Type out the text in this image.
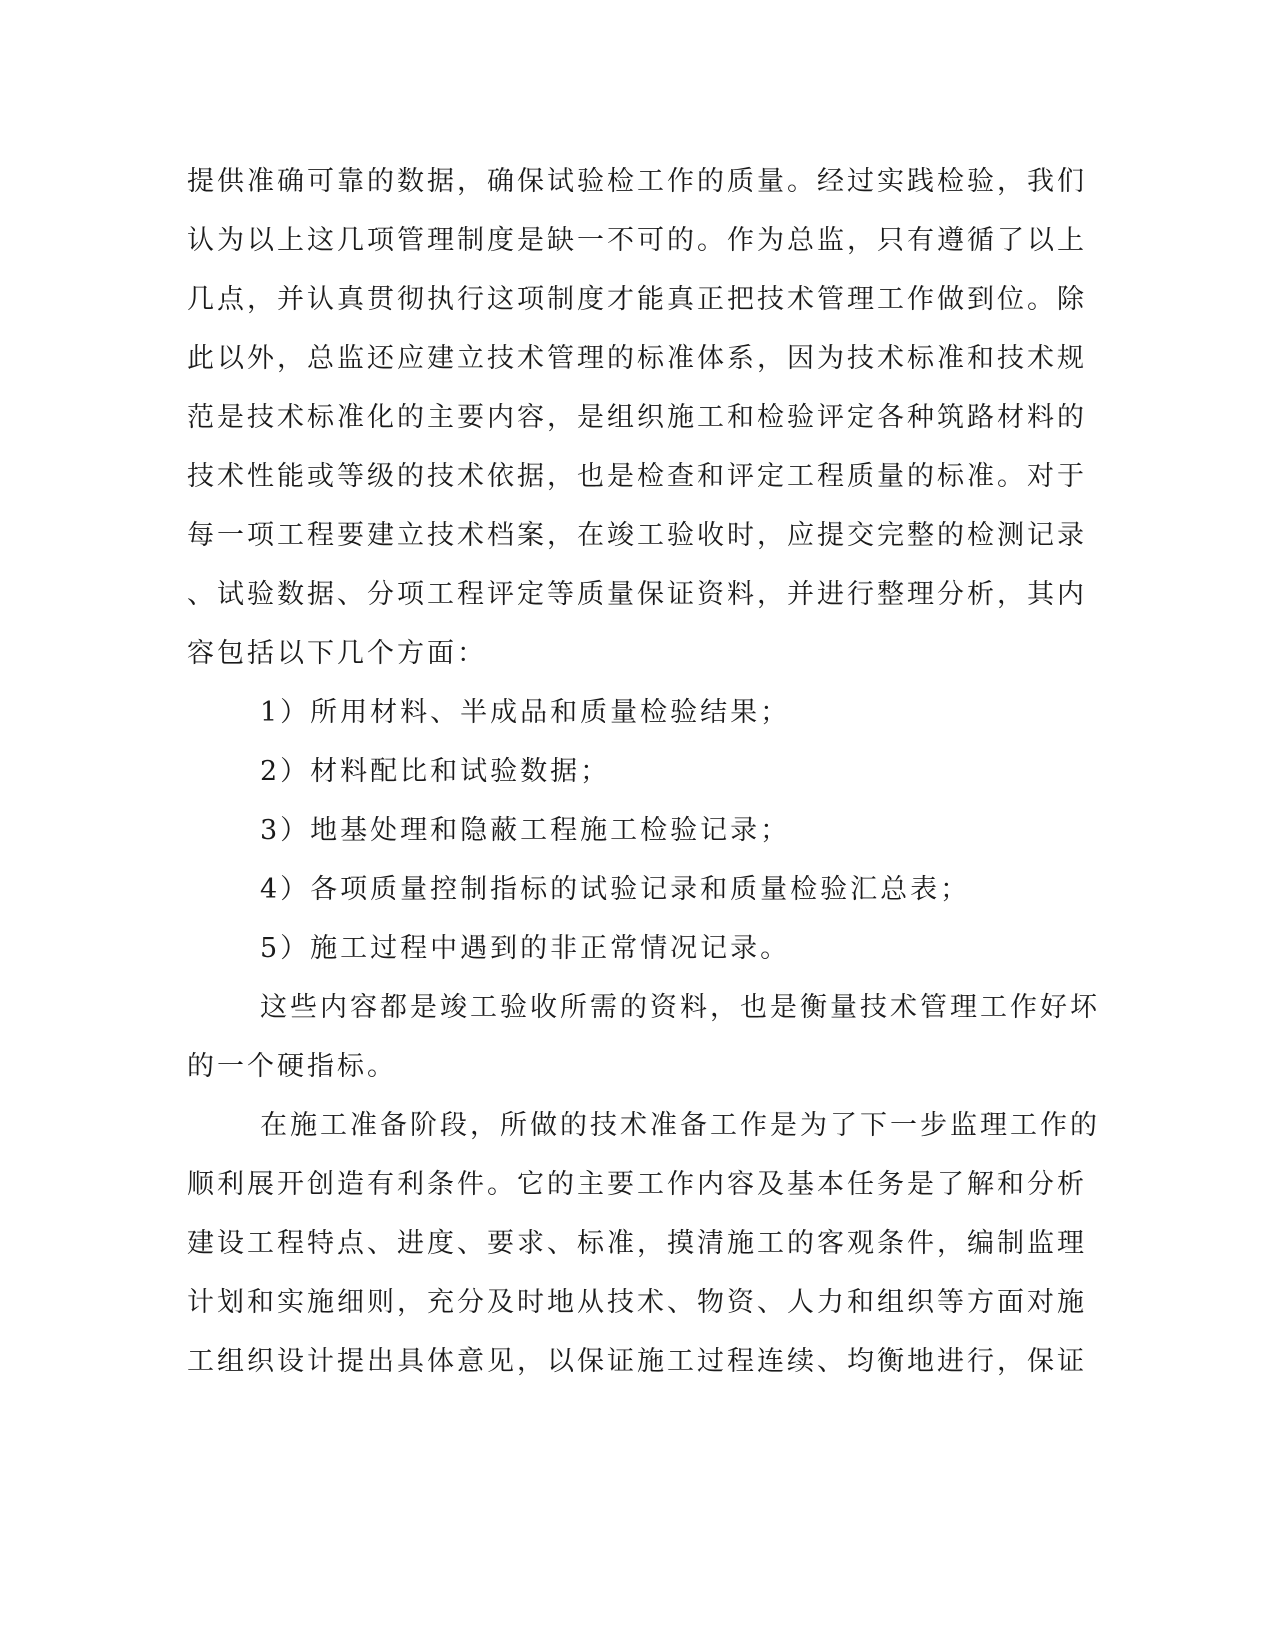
提供准确可靠的数据，确保试验检工作的质量。经过实践检验，我们
认为以上这几项管理制度是缺一不可的。作为总监，只有遵循了以上
几点，并认真贯彻执行这项制度才能真正把技术管理工作做到位。除
此以外，总监还应建立技术管理的标准体系，因为技术标准和技术规
范是技术标准化的主要内容，是组织施工和检验评定各种筑路材料的
技术性能或等级的技术依据，也是检查和评定工程质量的标准。对于
每一项工程要建立技术档案，在竣工验收时，应提交完整的检测记录
、试验数据、分项工程评定等质量保证资料，并进行整理分析，其内
容包括以下几个方面：
1）所用材料、半成品和质量检验结果；
2）材料配比和试验数据；
3）地基处理和隐蔽工程施工检验记录；
4）各项质量控制指标的试验记录和质量检验汇总表；
5）施工过程中遇到的非正常情况记录。
这些内容都是竣工验收所需的资料，也是衡量技术管理工作好坏
的一个硬指标。
在施工准备阶段，所做的技术准备工作是为了下一步监理工作的
顺利展开创造有利条件。它的主要工作内容及基本任务是了解和分析
建设工程特点、进度、要求、标准，摸清施工的客观条件，编制监理
计划和实施细则，充分及时地从技术、物资、人力和组织等方面对施
工组织设计提出具体意见，以保证施工过程连续、均衡地进行，保证
